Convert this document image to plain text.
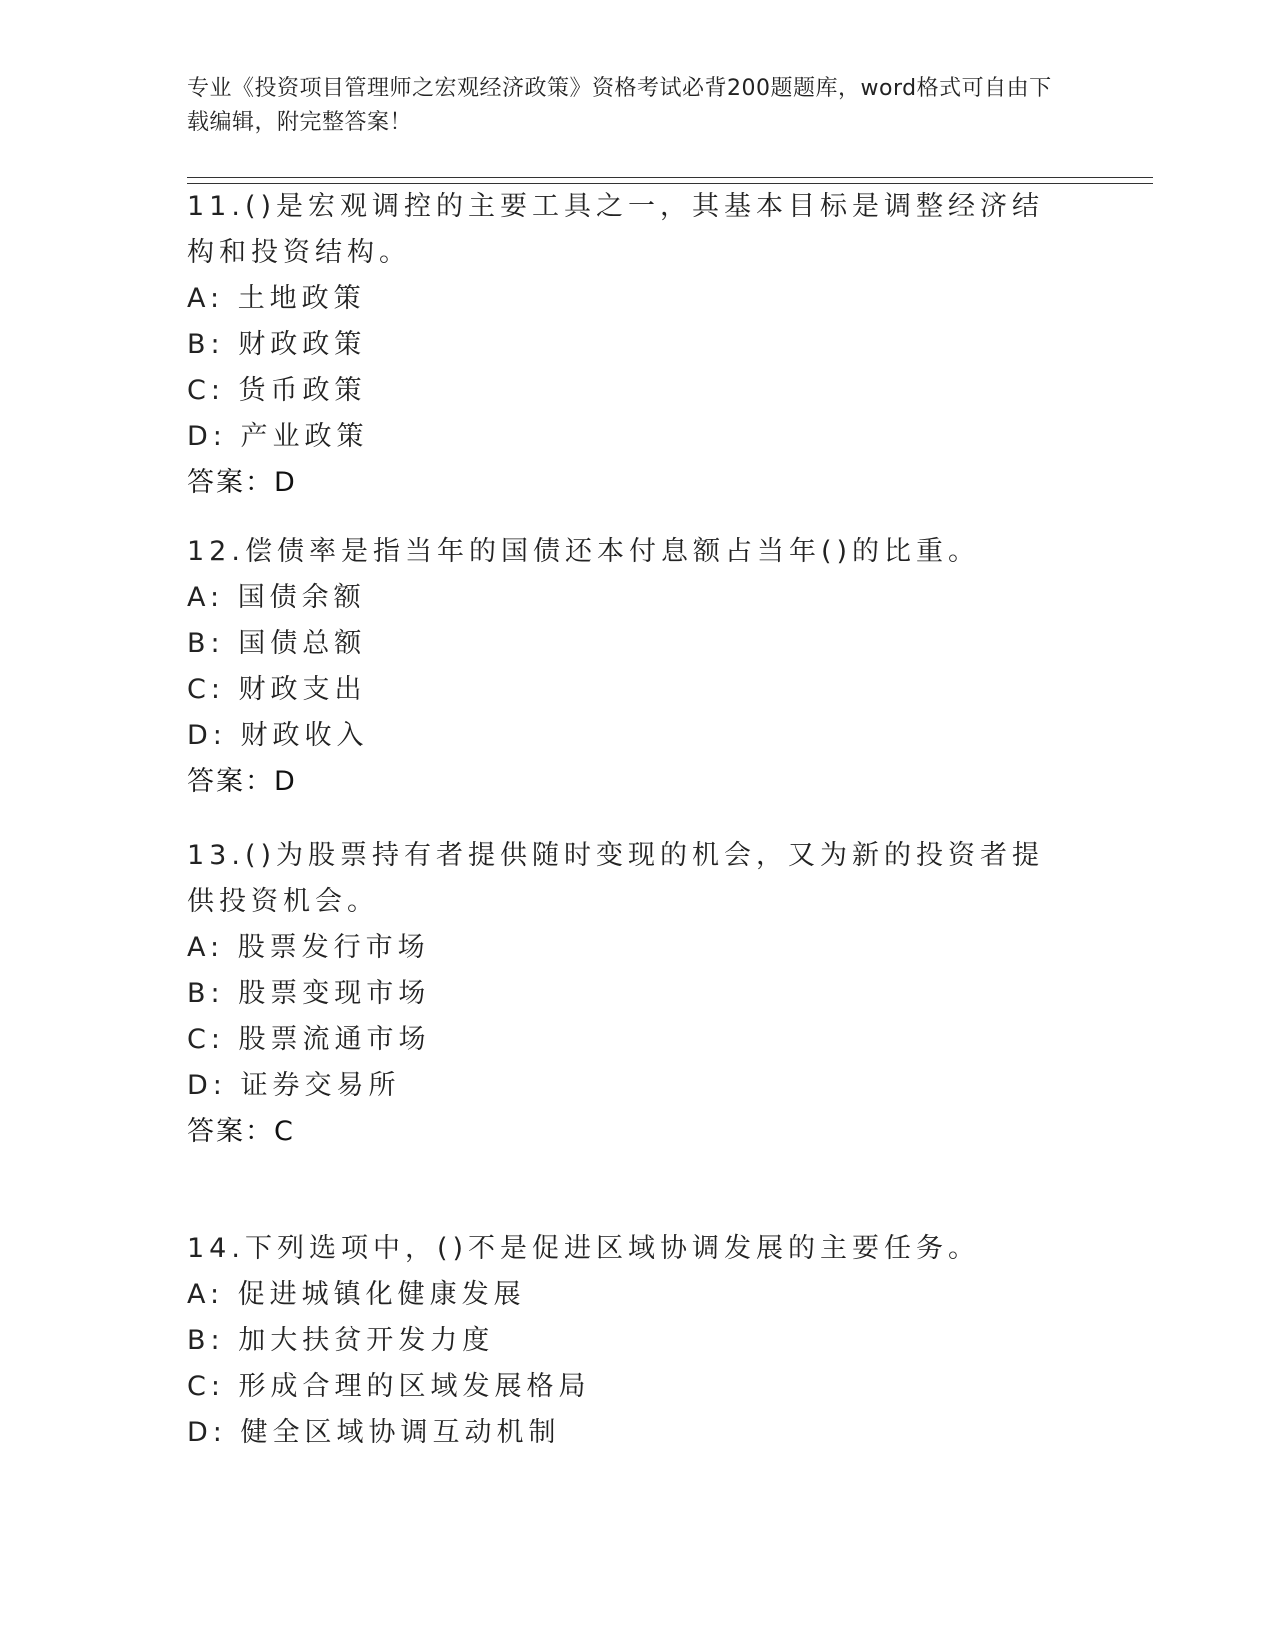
专业《投资项目管理师之宏观经济政策》资格考试必背200题题库，word格式可自由下载编辑，附完整答案！

11.()是宏观调控的主要工具之一，其基本目标是调整经济结构和投资结构。

A: 土地政策

B: 财政政策

C: 货币政策

D: 产业政策

答案：D

12.偿债率是指当年的国债还本付息额占当年()的比重。

A: 国债余额

B: 国债总额

C: 财政支出

D: 财政收入

答案：D

13.()为股票持有者提供随时变现的机会，又为新的投资者提供投资机会。

A: 股票发行市场

B: 股票变现市场

C: 股票流通市场

D: 证券交易所

答案：C

14.下列选项中，()不是促进区域协调发展的主要任务。

A: 促进城镇化健康发展

B: 加大扶贫开发力度

C: 形成合理的区域发展格局

D: 健全区域协调互动机制
